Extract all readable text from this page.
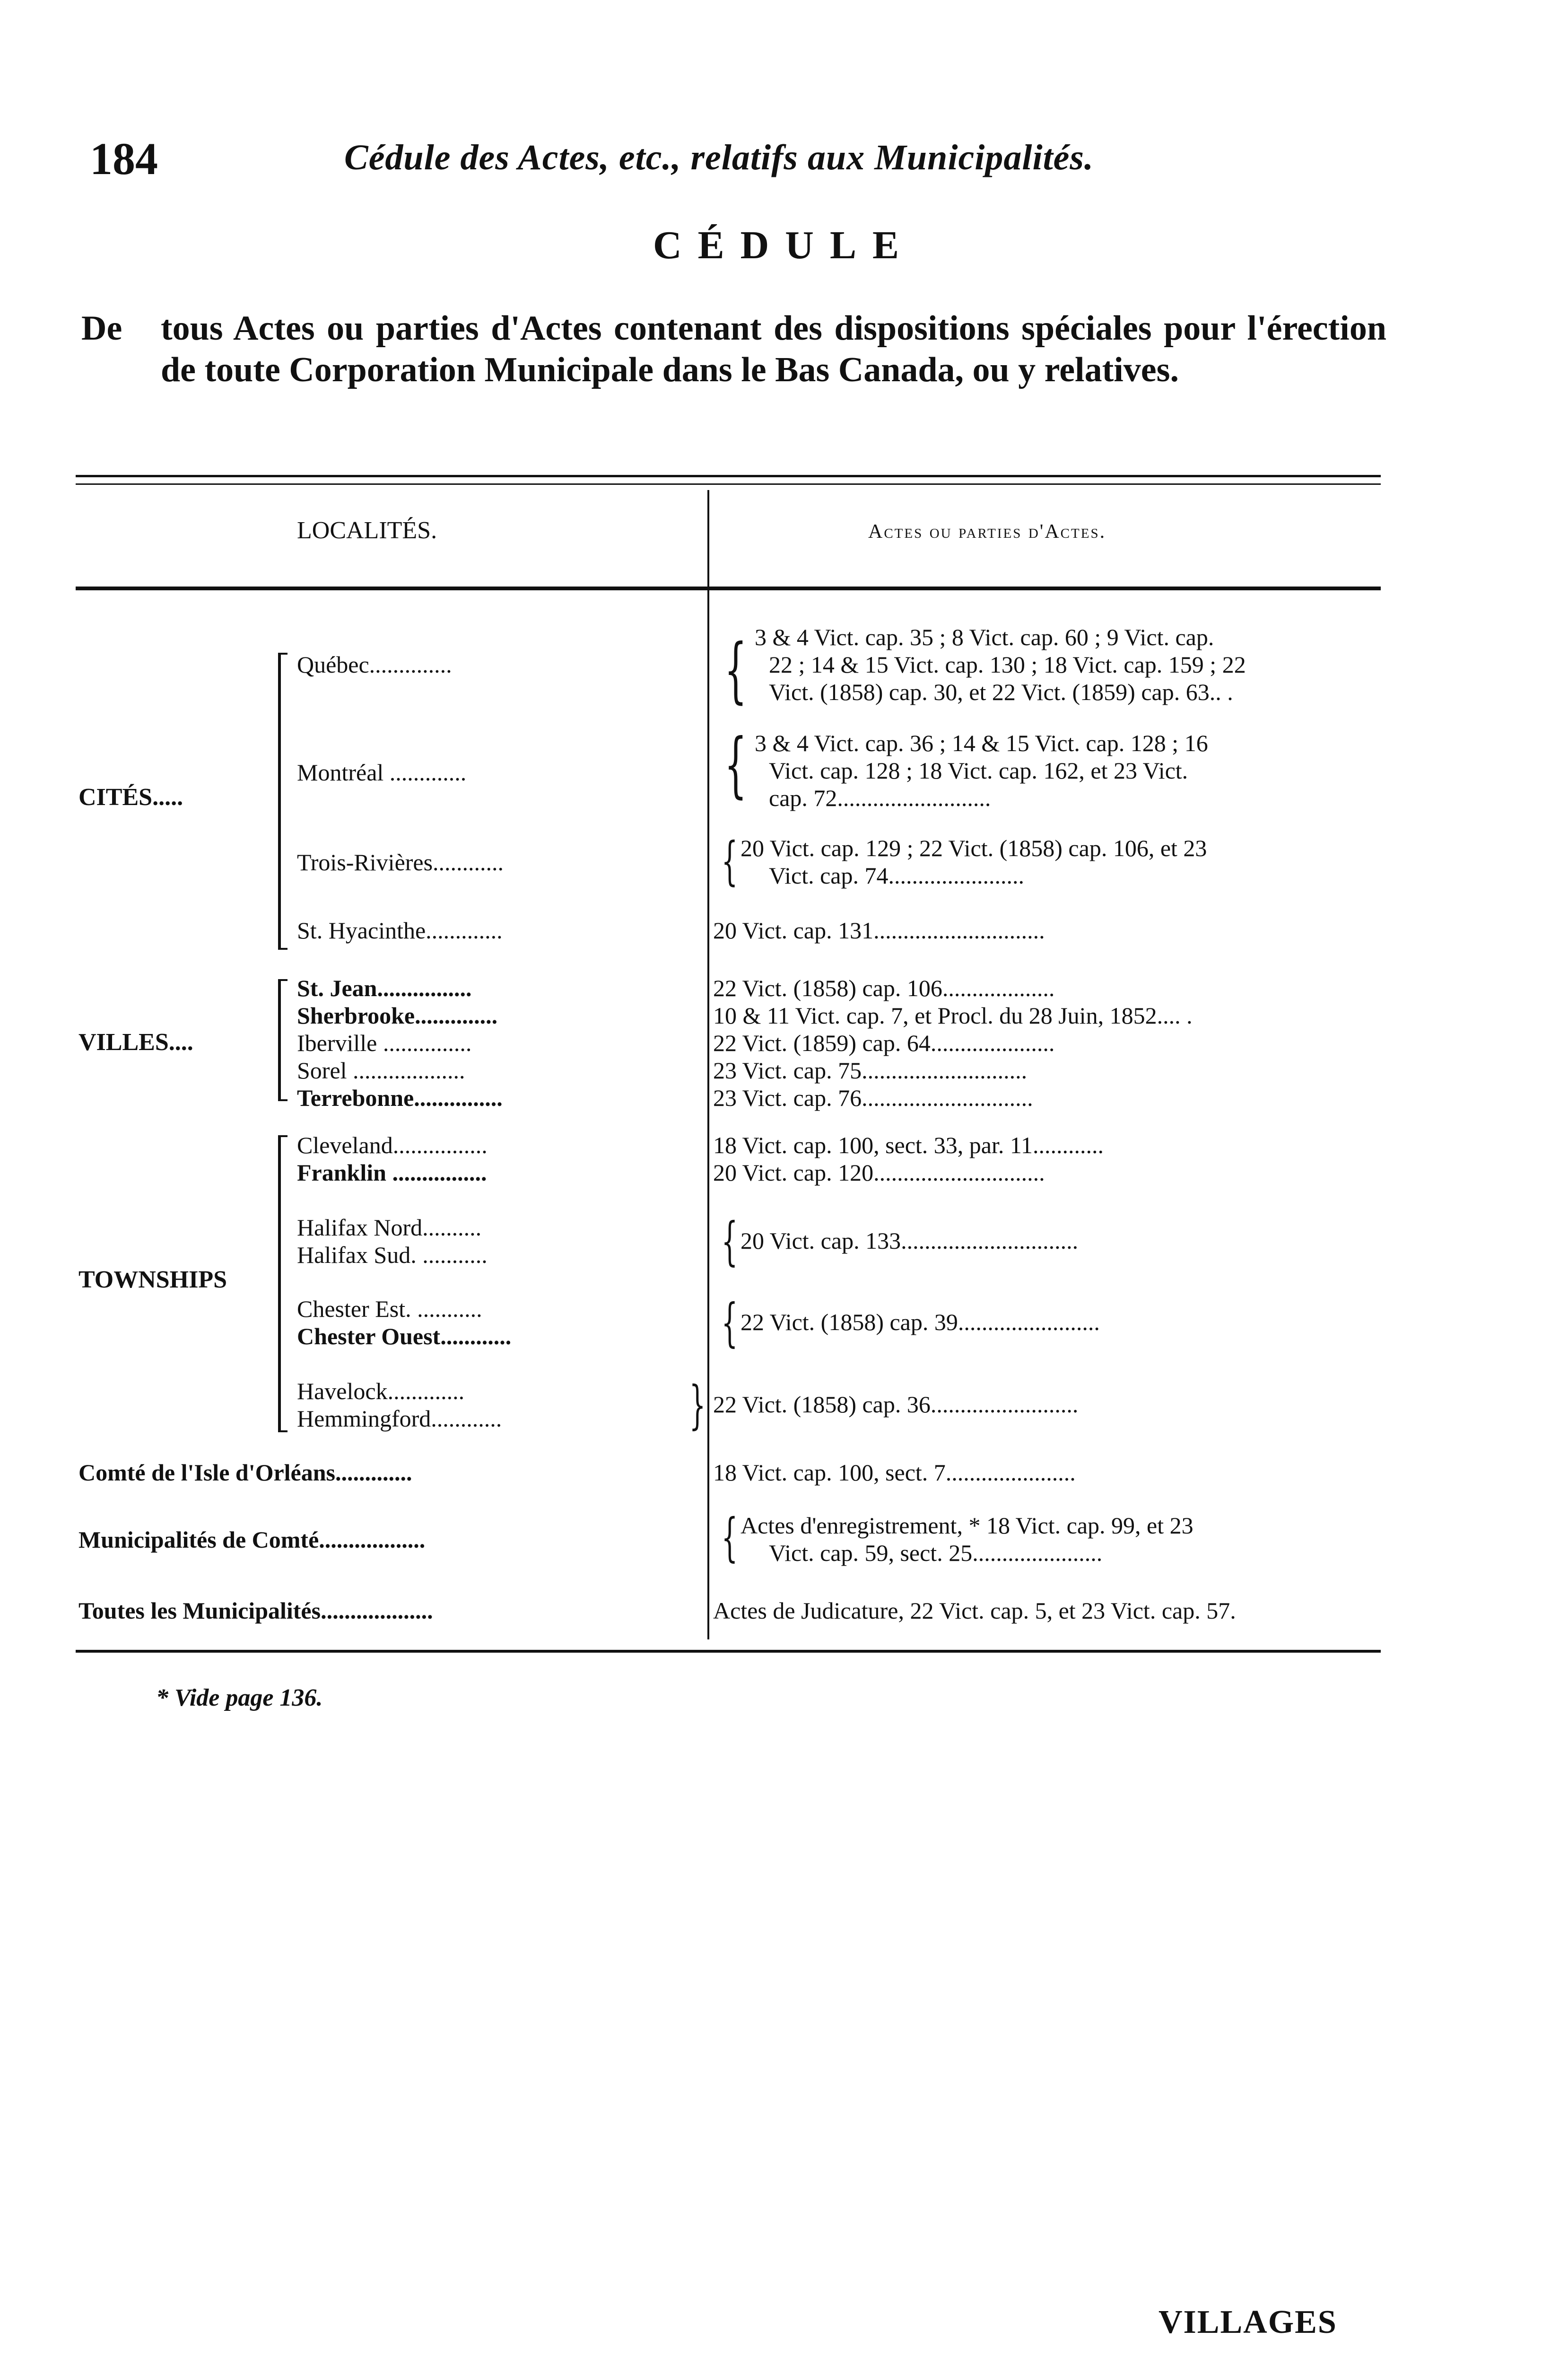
184	Cédule des Actes, etc., relatifs aux Municipalités.
CÉDULE
De tous Actes ou parties d'Actes contenant des dispositions spéciales pour l'érection de toute Corporation Municipale dans le Bas Canada, ou y relatives.
LOCALITÉS.	Actes ou parties d'Actes.
CITÉS.....
Québec..............	{ 3 & 4 Vict. cap. 35 ; 8 Vict. cap. 60 ; 9 Vict. cap.
22 ; 14 & 15 Vict. cap. 130 ; 18 Vict. cap. 159 ; 22
Vict. (1858) cap. 30, et 22 Vict. (1859) cap. 63.. .
Montréal .............	{ 3 & 4 Vict. cap. 36 ; 14 & 15 Vict. cap. 128 ; 16
Vict. cap. 128 ; 18 Vict. cap. 162, et 23 Vict.
cap. 72..........................
Trois-Rivières............	{ 20 Vict. cap. 129 ; 22 Vict. (1858) cap. 106, et 23
Vict. cap. 74.......................
St. Hyacinthe.............	20 Vict. cap. 131.............................
VILLES....
St. Jean................	22 Vict. (1858) cap. 106...................
Sherbrooke..............	10 & 11 Vict. cap. 7, et Procl. du 28 Juin, 1852.... .
Iberville ...............	22 Vict. (1859) cap. 64.....................
Sorel ...................	23 Vict. cap. 75............................
Terrebonne...............	23 Vict. cap. 76.............................
TOWNSHIPS
Cleveland................	18 Vict. cap. 100, sect. 33, par. 11............
Franklin ................	20 Vict. cap. 120.............................
Halifax Nord..........
Halifax Sud. ...........	{ 20 Vict. cap. 133..............................
Chester Est. ...........
Chester Ouest............	{ 22 Vict. (1858) cap. 39........................
Havelock.............
Hemmingford............	} 22 Vict. (1858) cap. 36.........................
Comté de l'Isle d'Orléans.............	18 Vict. cap. 100, sect. 7......................
Municipalités de Comté..................	{ Actes d'enregistrement, * 18 Vict. cap. 99, et 23
Vict. cap. 59, sect. 25......................
Toutes les Municipalités...................	Actes de Judicature, 22 Vict. cap. 5, et 23 Vict. cap. 57.
* Vide page 136.
VILLAGES
